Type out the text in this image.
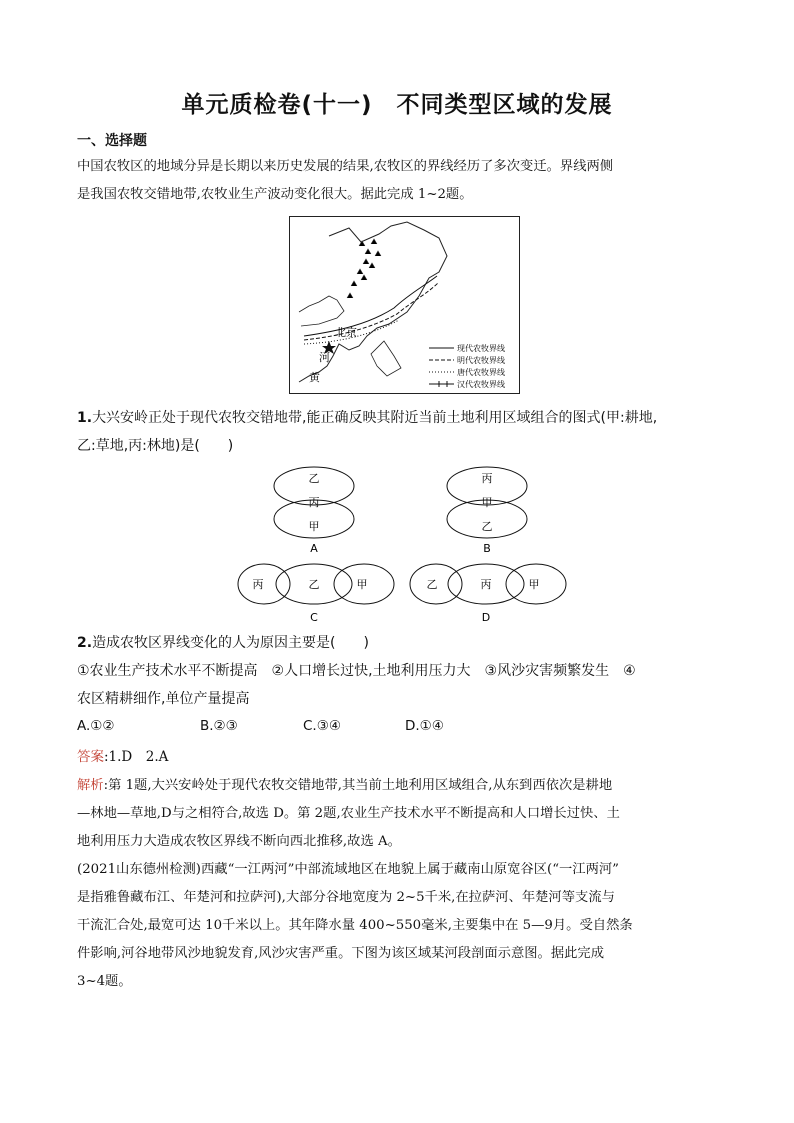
单元质检卷(十一)　不同类型区域的发展
一、选择题
中国农牧区的地域分异是长期以来历史发展的结果,农牧区的界线经历了多次变迁。界线两侧
是我国农牧交错地带,农牧业生产波动变化很大。据此完成 1~2题。
北京
河
黄
现代农牧界线
明代农牧界线
唐代农牧界线
汉代农牧界线
1.大兴安岭正处于现代农牧交错地带,能正确反映其附近当前土地利用区域组合的图式(甲:耕地,
乙:草地,丙:林地)是(　　)
乙
丙
甲
A
丙
甲
乙
B
丙	乙	甲
C
乙	丙	甲
D
2.造成农牧区界线变化的人为原因主要是(　　)
①农业生产技术水平不断提高　②人口增长过快,土地利用压力大　③风沙灾害频繁发生　④
农区精耕细作,单位产量提高
A.①②	B.②③	C.③④	D.①④
答案:1.D　2.A
解析:第 1题,大兴安岭处于现代农牧交错地带,其当前土地利用区域组合,从东到西依次是耕地
—林地—草地,D与之相符合,故选 D。第 2题,农业生产技术水平不断提高和人口增长过快、土
地利用压力大造成农牧区界线不断向西北推移,故选 A。
(2021山东德州检测)西藏“一江两河”中部流域地区在地貌上属于藏南山原宽谷区(“一江两河”
是指雅鲁藏布江、年楚河和拉萨河),大部分谷地宽度为 2~5千米,在拉萨河、年楚河等支流与
干流汇合处,最宽可达 10千米以上。其年降水量 400~550毫米,主要集中在 5—9月。受自然条
件影响,河谷地带风沙地貌发育,风沙灾害严重。下图为该区域某河段剖面示意图。据此完成
3~4题。
